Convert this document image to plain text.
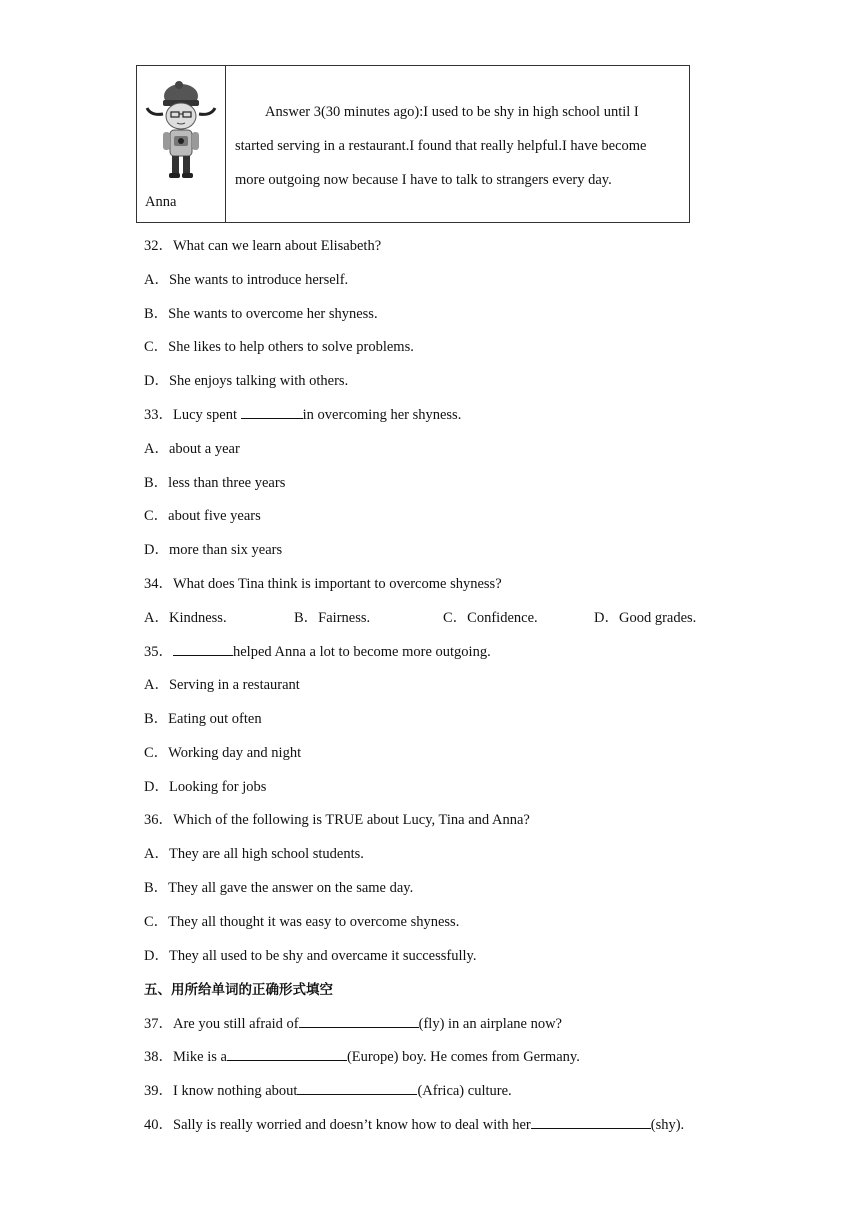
Anna
Answer 3(30 minutes ago):I used to be shy in high school until I
started serving in a restaurant.I found that really helpful.I have become
more outgoing now because I have to talk to strangers every day.
32．What can we learn about Elisabeth?
A．She wants to introduce herself.
B．She wants to overcome her shyness.
C．She likes to help others to solve problems.
D．She enjoys talking with others.
33．Lucy spent	in overcoming her shyness.
A．about a year
B．less than three years
C．about five years
D．more than six years
34．What does Tina think is important to overcome shyness?
A．Kindness.	B．Fairness.	C．Confidence.	D．Good grades.
35．	helped Anna a lot to become more outgoing.
A．Serving in a restaurant
B．Eating out often
C．Working day and night
D．Looking for jobs
36．Which of the following is TRUE about Lucy, Tina and Anna?
A．They are all high school students.
B．They all gave the answer on the same day.
C．They all thought it was easy to overcome shyness.
D．They all used to be shy and overcame it successfully.
五、用所给单词的正确形式填空
37．Are you still afraid of	(fly) in an airplane now?
38．Mike is a	(Europe) boy. He comes from Germany.
39．I know nothing about	(Africa) culture.
40．Sally is really worried and doesn’t know how to deal with her	(shy).
